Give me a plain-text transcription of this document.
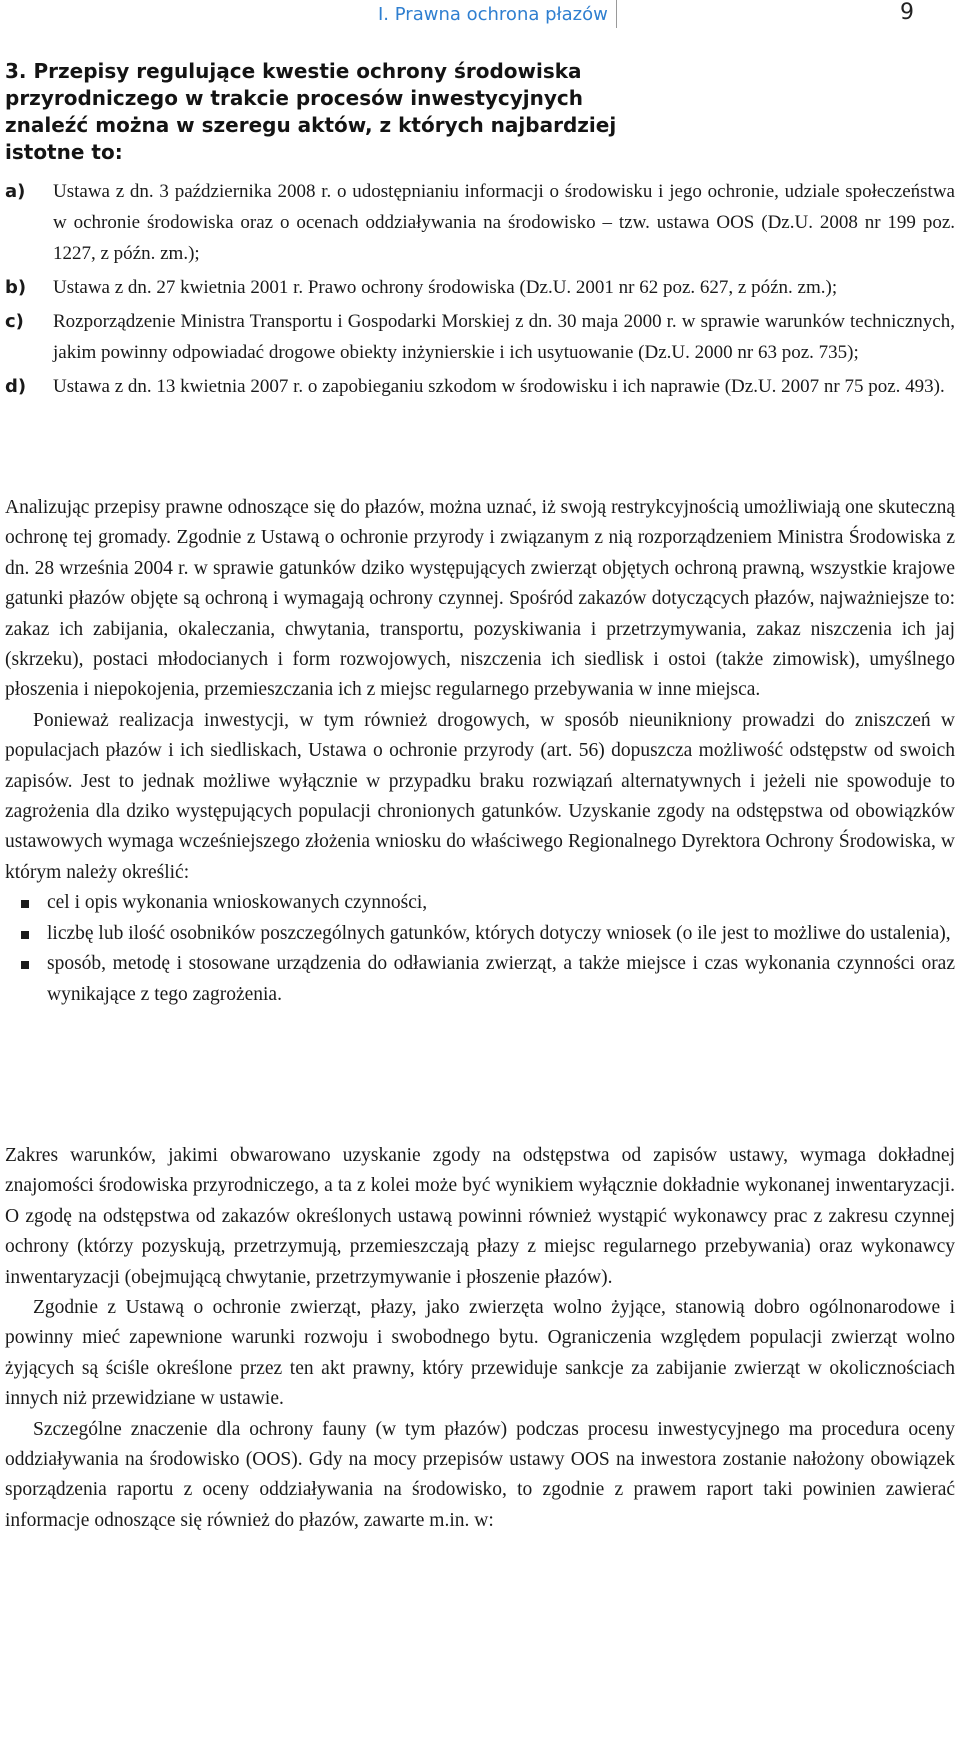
I. Prawna ochrona płazów	9
3. Przepisy regulujące kwestie ochrony środowiska przyrodniczego w trakcie procesów inwestycyjnych znaleźć można w szeregu aktów, z których najbardziej istotne to:
a) Ustawa z dn. 3 października 2008 r. o udostępnianiu informacji o środowisku i jego ochronie, udziale społeczeństwa w ochronie środowiska oraz o ocenach oddziaływania na środowisko – tzw. ustawa OOS (Dz.U. 2008 nr 199 poz. 1227, z późn. zm.);
b) Ustawa z dn. 27 kwietnia 2001 r. Prawo ochrony środowiska (Dz.U. 2001 nr 62 poz. 627, z późn. zm.);
c) Rozporządzenie Ministra Transportu i Gospodarki Morskiej z dn. 30 maja 2000 r. w sprawie warunków technicznych, jakim powinny odpowiadać drogowe obiekty inżynierskie i ich usytuowanie (Dz.U. 2000 nr 63 poz. 735);
d) Ustawa z dn. 13 kwietnia 2007 r. o zapobieganiu szkodom w środowisku i ich naprawie (Dz.U. 2007 nr 75 poz. 493).

Analizując przepisy prawne odnoszące się do płazów, można uznać, iż swoją restrykcyjnością umożliwiają one skuteczną ochronę tej gromady. Zgodnie z Ustawą o ochronie przyrody i związanym z nią rozporządzeniem Ministra Środowiska z dn. 28 września 2004 r. w sprawie gatunków dziko występujących zwierząt objętych ochroną prawną, wszystkie krajowe gatunki płazów objęte są ochroną i wymagają ochrony czynnej. Spośród zakazów dotyczących płazów, najważniejsze to: zakaz ich zabijania, okaleczania, chwytania, transportu, pozyskiwania i przetrzymywania, zakaz niszczenia ich jaj (skrzeku), postaci młodocianych i form rozwojowych, niszczenia ich siedlisk i ostoi (także zimowisk), umyślnego płoszenia i niepokojenia, przemieszczania ich z miejsc regularnego przebywania w inne miejsca.

Ponieważ realizacja inwestycji, w tym również drogowych, w sposób nieunikniony prowadzi do zniszczeń w populacjach płazów i ich siedliskach, Ustawa o ochronie przyrody (art. 56) dopuszcza możliwość odstępstw od swoich zapisów. Jest to jednak możliwe wyłącznie w przypadku braku rozwiązań alternatywnych i jeżeli nie spowoduje to zagrożenia dla dziko występujących populacji chronionych gatunków. Uzyskanie zgody na odstępstwa od obowiązków ustawowych wymaga wcześniejszego złożenia wniosku do właściwego Regionalnego Dyrektora Ochrony Środowiska, w którym należy określić:

cel i opis wykonania wnioskowanych czynności,
liczbę lub ilość osobników poszczególnych gatunków, których dotyczy wniosek (o ile jest to możliwe do ustalenia),
sposób, metodę i stosowane urządzenia do odławiania zwierząt, a także miejsce i czas wykonania czynności oraz wynikające z tego zagrożenia.

Zakres warunków, jakimi obwarowano uzyskanie zgody na odstępstwa od zapisów ustawy, wymaga dokładnej znajomości środowiska przyrodniczego, a ta z kolei może być wynikiem wyłącznie dokładnie wykonanej inwentaryzacji. O zgodę na odstępstwa od zakazów określonych ustawą powinni również wystąpić wykonawcy prac z zakresu czynnej ochrony (którzy pozyskują, przetrzymują, przemieszczają płazy z miejsc regularnego przebywania) oraz wykonawcy inwentaryzacji (obejmującą chwytanie, przetrzymywanie i płoszenie płazów).

Zgodnie z Ustawą o ochronie zwierząt, płazy, jako zwierzęta wolno żyjące, stanowią dobro ogólnonarodowe i powinny mieć zapewnione warunki rozwoju i swobodnego bytu. Ograniczenia względem populacji zwierząt wolno żyjących są ściśle określone przez ten akt prawny, który przewiduje sankcje za zabijanie zwierząt w okolicznościach innych niż przewidziane w ustawie.

Szczególne znaczenie dla ochrony fauny (w tym płazów) podczas procesu inwestycyjnego ma procedura oceny oddziaływania na środowisko (OOS). Gdy na mocy przepisów ustawy OOS na inwestora zostanie nałożony obowiązek sporządzenia raportu z oceny oddziaływania na środowisko, to zgodnie z prawem raport taki powinien zawierać informacje odnoszące się również do płazów, zawarte m.in. w:
